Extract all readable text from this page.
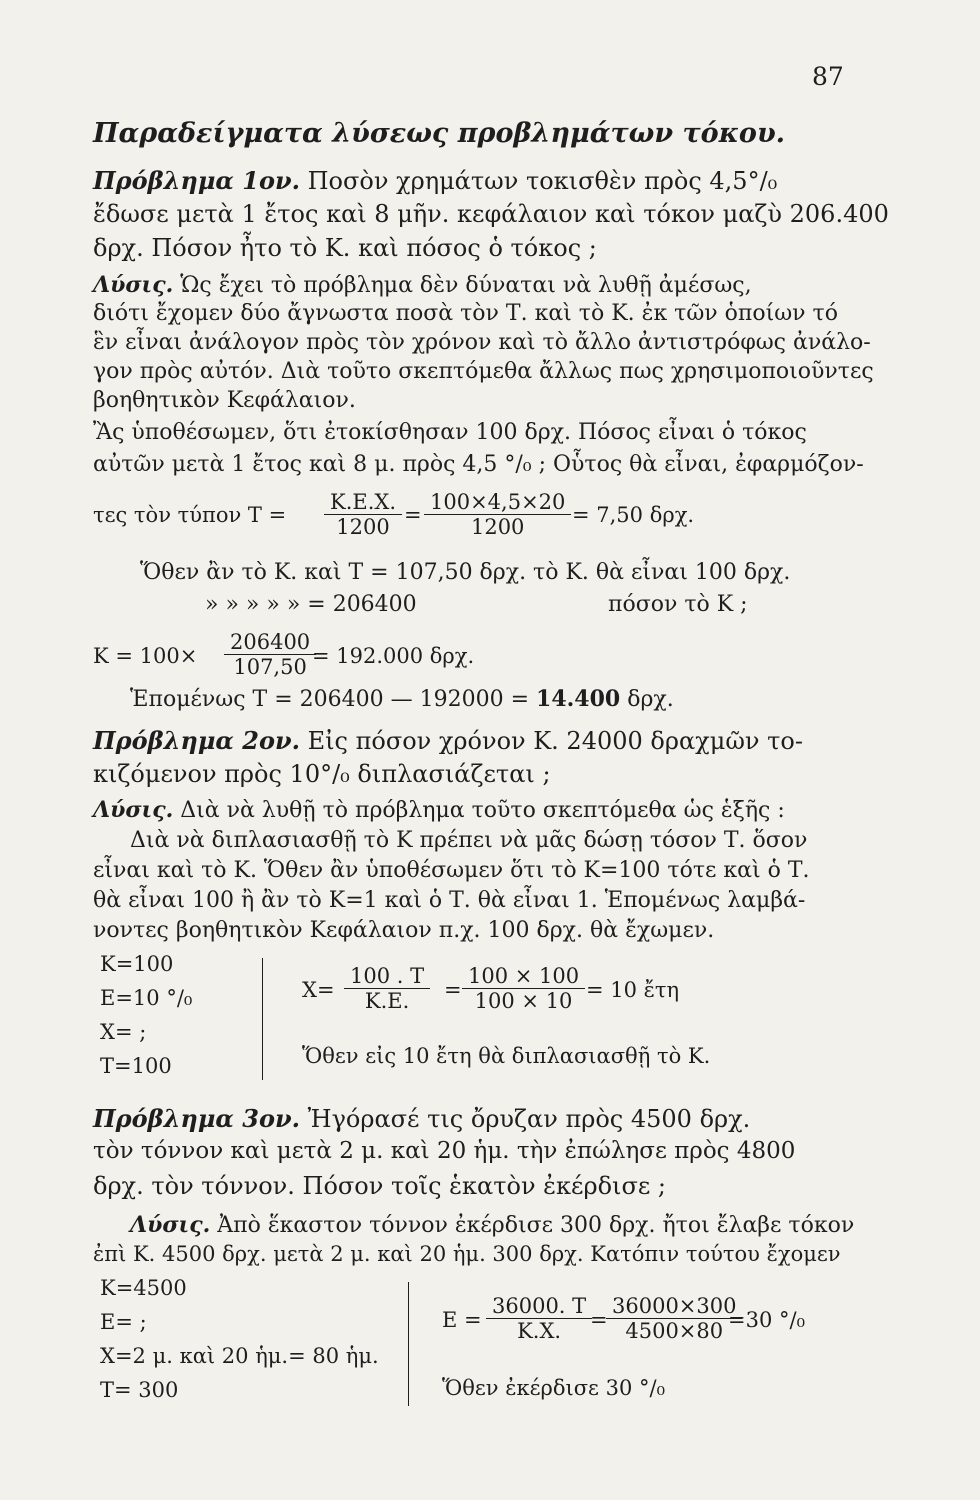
87
Παραδείγματα λύσεως προβλημάτων τόκου.
Πρόβλημα 1ον. Ποσὸν χρημάτων τοκισθὲν πρὸς 4,5°/₀
ἔδωσε μετὰ 1 ἔτος καὶ 8 μῆν. κεφάλαιον καὶ τόκον μαζὺ 206.400
δρχ. Πόσον ἦτο τὸ Κ. καὶ πόσος ὁ τόκος ;
Λύσις. Ὡς ἔχει τὸ πρόβλημα δὲν δύναται νὰ λυθῇ ἀμέσως,
διότι ἔχομεν δύο ἄγνωστα ποσὰ τὸν Τ. καὶ τὸ Κ. ἐκ τῶν ὁποίων τό
ἓν εἶναι ἀνάλογον πρὸς τὸν χρόνον καὶ τὸ ἄλλο ἀντιστρόφως ἀνάλο-
γον πρὸς αὐτόν. Διὰ τοῦτο σκεπτόμεθα ἄλλως πως χρησιμοποιοῦντες
βοηθητικὸν Κεφάλαιον.
Ἂς ὑποθέσωμεν, ὅτι ἐτοκίσθησαν 100 δρχ. Πόσος εἶναι ὁ τόκος
αὐτῶν μετὰ 1 ἔτος καὶ 8 μ. πρὸς 4,5 °/₀ ; Οὗτος θὰ εἶναι, ἐφαρμόζον-
τες τὸν τύπον $T = \frac{K.E.X.}{1200} = \frac{100\times 4,5\times 20}{1200} = 7,50$ δρχ.
Ὅθεν ἂν τὸ Κ. καὶ Τ = 107,50 δρχ. τὸ Κ. θὰ εἶναι 100 δρχ.
» » » » » = 206400	πόσον τὸ Κ ;
$K = 100\times \frac{206400}{107,50}$
= 192.000 δρχ.
Ἑπομένως Τ = 206400 — 192000 = 14.400 δρχ.
Πρόβλημα 2ον. Εἰς πόσον χρόνον Κ. 24000 δραχμῶν το-
κιζόμενον πρὸς 10°/₀ διπλασιάζεται ;
Λύσις. Διὰ νὰ λυθῇ τὸ πρόβλημα τοῦτο σκεπτόμεθα ὡς ἑξῆς :
Διὰ νὰ διπλασιασθῇ τὸ Κ πρέπει νὰ μᾶς δώσῃ τόσον Τ. ὅσον
εἶναι καὶ τὸ Κ. Ὅθεν ἂν ὑποθέσωμεν ὅτι τὸ Κ=100 τότε καὶ ὁ Τ.
θὰ εἶναι 100 ἢ ἂν τὸ Κ=1 καὶ ὁ Τ. θὰ εἶναι 1. Ἑπομένως λαμβά-
νοντες βοηθητικὸν Κεφάλαιον π.χ. 100 δρχ. θὰ ἔχωμεν.
Κ=100
Ε=10 °/₀
Χ= ;
Τ=100
$X= \frac{100 . T}{K.E.} = \frac{100 \times 100}{100 \times 10} = 10$ ἔτη
Ὅθεν εἰς 10 ἔτη θὰ διπλασιασθῇ τὸ Κ.
Πρόβλημα 3ον. Ἠγόρασέ τις ὄρυζαν πρὸς 4500 δρχ.
τὸν τόννον καὶ μετὰ 2 μ. καὶ 20 ἡμ. τὴν ἐπώλησε πρὸς 4800
δρχ. τὸν τόννον. Πόσον τοῖς ἑκατὸν ἐκέρδισε ;
Λύσις. Ἀπὸ ἕκαστον τόννον ἐκέρδισε 300 δρχ. ἤτοι ἔλαβε τόκον
ἐπὶ Κ. 4500 δρχ. μετὰ 2 μ. καὶ 20 ἡμ. 300 δρχ. Κατόπιν τούτου ἔχομεν
Κ=4500
Ε= ;
Χ=2 μ. καὶ 20 ἡμ.= 80 ἡμ.
Τ= 300
$E = \frac{36000. T}{K.X.}$
=
$\frac{36000\times 300}{4500\times 80}$
=30 °/₀
Ὅθεν ἐκέρδισε 30 °/₀
